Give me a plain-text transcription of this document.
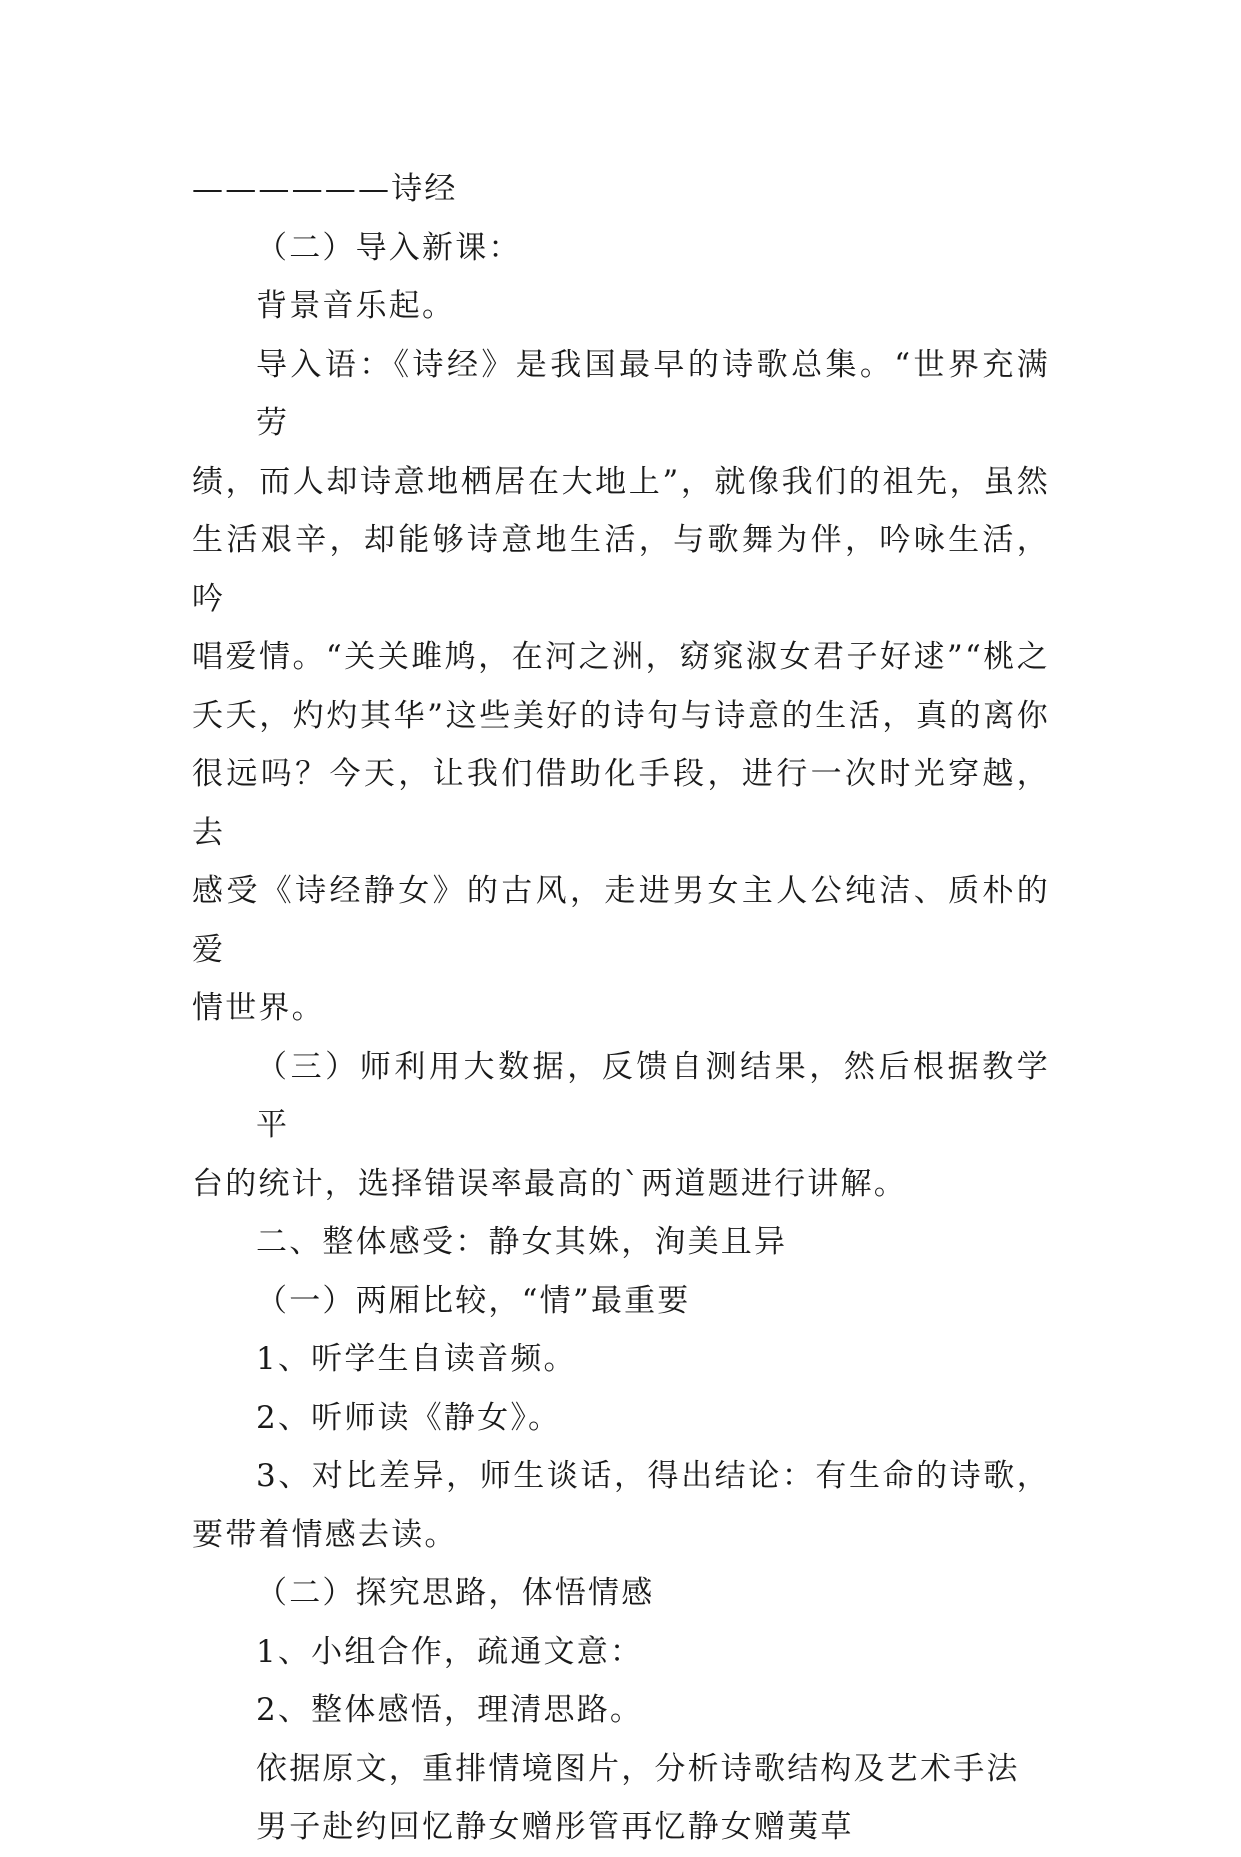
——————诗经

（二）导入新课：

背景音乐起。

导入语：《诗经》是我国最早的诗歌总集。“世界充满劳

绩，而人却诗意地栖居在大地上”，就像我们的祖先，虽然

生活艰辛，却能够诗意地生活，与歌舞为伴，吟咏生活，吟

唱爱情。“关关雎鸠，在河之洲，窈窕淑女君子好逑”“桃之

夭夭，灼灼其华”这些美好的诗句与诗意的生活，真的离你

很远吗？今天，让我们借助化手段，进行一次时光穿越，去

感受《诗经静女》的古风，走进男女主人公纯洁、质朴的爱

情世界。

（三）师利用大数据，反馈自测结果，然后根据教学平

台的统计，选择错误率最高的`两道题进行讲解。

二、整体感受：静女其姝，洵美且异

（一）两厢比较，“情”最重要

1、听学生自读音频。

2、听师读《静女》。

3、对比差异，师生谈话，得出结论：有生命的诗歌，

要带着情感去读。

（二）探究思路，体悟情感

1、小组合作，疏通文意：

2、整体感悟，理清思路。

依据原文，重排情境图片，分析诗歌结构及艺术手法

男子赴约回忆静女赠彤管再忆静女赠荑草
